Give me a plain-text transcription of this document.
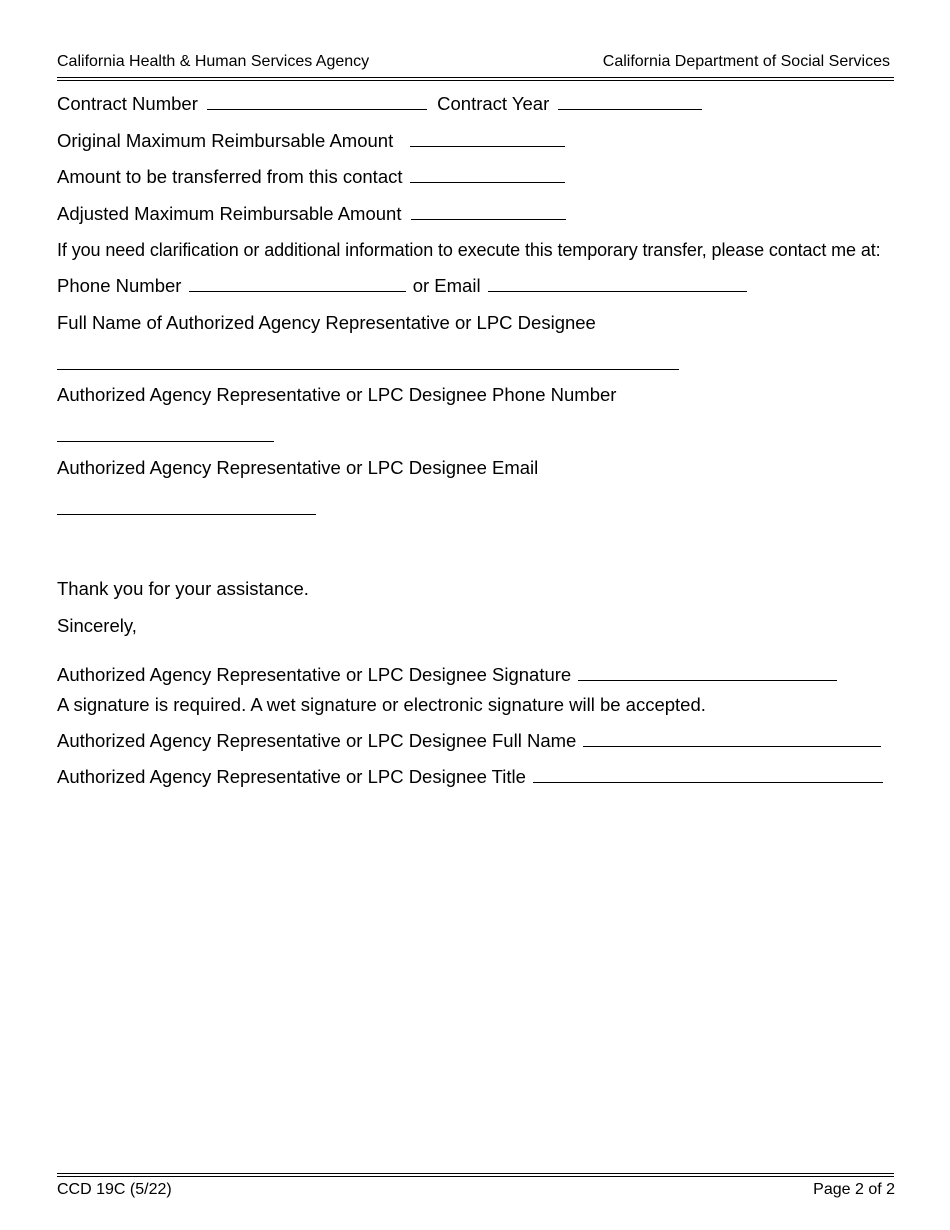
California Health & Human Services Agency	California Department of Social Services
Contract Number	Contract Year
Original Maximum Reimbursable Amount
Amount to be transferred from this contact
Adjusted Maximum Reimbursable Amount
If you need clarification or additional information to execute this temporary transfer, please contact me at:
Phone Number	or Email
Full Name of Authorized Agency Representative or LPC Designee
Authorized Agency Representative or LPC Designee Phone Number
Authorized Agency Representative or LPC Designee Email
Thank you for your assistance.
Sincerely,
Authorized Agency Representative or LPC Designee Signature
A signature is required. A wet signature or electronic signature will be accepted.
Authorized Agency Representative or LPC Designee Full Name
Authorized Agency Representative or LPC Designee Title
CCD 19C (5/22)	Page 2 of 2
